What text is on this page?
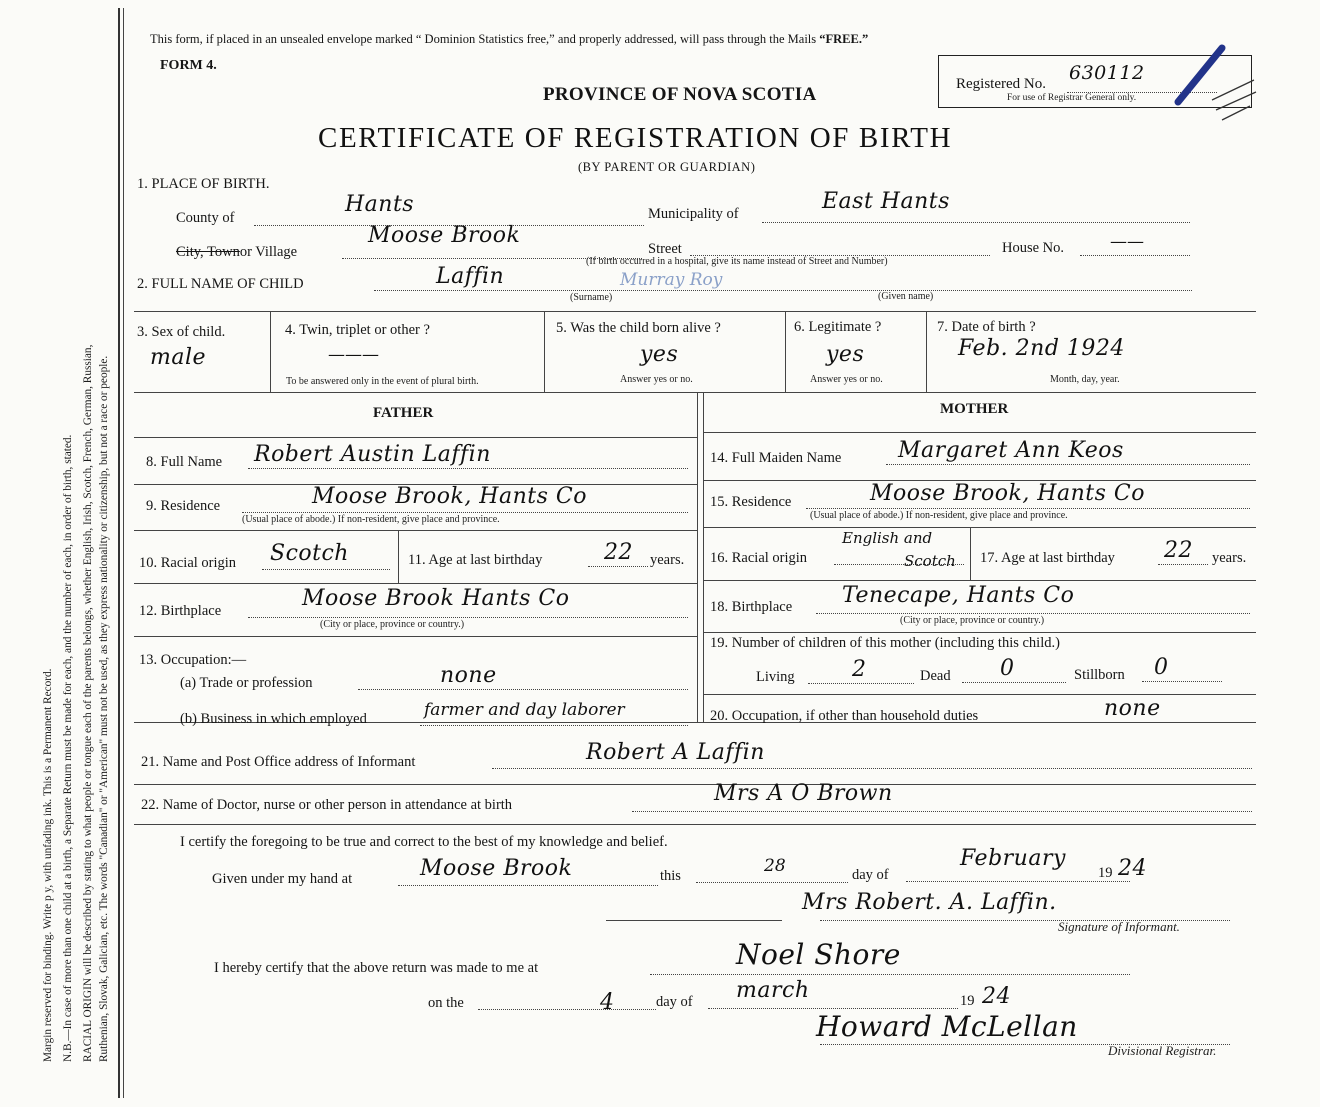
Margin reserved for binding. Write p y, with unfading ink. This is a Permanent Record. N.B.—In case of more than one child at a birth, a Separate Return must be made for each, and the number of each, in order of birth, stated. RACIAL ORIGIN will be described by stating to what people or tongue each of the parents belongs, whether English, Irish, Scotch, French, German, Russian, Ruthenian, Slovak, Galician, etc. The words "Canadian" or "American" must not be used, as they express nationality or citizenship, but not a race or people.
This form, if placed in an unsealed envelope marked “ Dominion Statistics free,” and properly addressed, will pass through the Mails “FREE.”
FORM 4.
PROVINCE OF NOVA SCOTIA
CERTIFICATE OF REGISTRATION OF BIRTH
(BY PARENT OR GUARDIAN)
Registered No. 630112
For use of Registrar General only.
1. PLACE OF BIRTH.
County of
Hants	Municipality of	East Hants
City, Townor Village
Moose Brook
Street
(If birth occurred in a hospital, give its name instead of Street and Number)
House No.	——
2. FULL NAME OF CHILD	Laffin	Murray Roy
(Surname)	(Given name)
3. Sex of child.
male
4. Twin, triplet or other ?
———
To be answered only in the event of plural birth.
5. Was the child born alive ?
yes
Answer yes or no.
6. Legitimate ?
yes
Answer yes or no.
7. Date of birth ?
Feb. 2nd 1924
Month, day, year.
FATHER
8. Full Name Robert Austin Laffin
9. Residence	Moose Brook, Hants Co
(Usual place of abode.) If non-resident, give place and province.
10. Racial origin Scotch	11. Age at last birthday	22 years.
12. Birthplace	Moose Brook Hants Co
(City or place, province or country.)
13. Occupation:—
(a) Trade or profession	none
(b) Business in which employed	farmer and day laborer
MOTHER
14. Full Maiden Name	Margaret Ann Keos
15. Residence	Moose Brook, Hants Co
(Usual place of abode.) If non-resident, give place and province.
16. Racial origin
English and
Scotch 17. Age at last birthday 22 years.
18. Birthplace Tenecape, Hants Co
(City or place, province or country.)
19. Number of children of this mother (including this child.)
Living	2	Dead 0	Stillborn 0
20. Occupation, if other than household duties	none
21. Name and Post Office address of Informant	Robert A Laffin
22. Name of Doctor, nurse or other person in attendance at birth	Mrs A O Brown
I certify the foregoing to be true and correct to the best of my knowledge and belief.
Given under my hand at	Moose Brook	this	28	day of
February
19 24
Mrs Robert. A. Laffin.
Signature of Informant.
I hereby certify that the above return was made to me at	Noel Shore
on the	4	day of march	19 24
Howard McLellan
Divisional Registrar.
